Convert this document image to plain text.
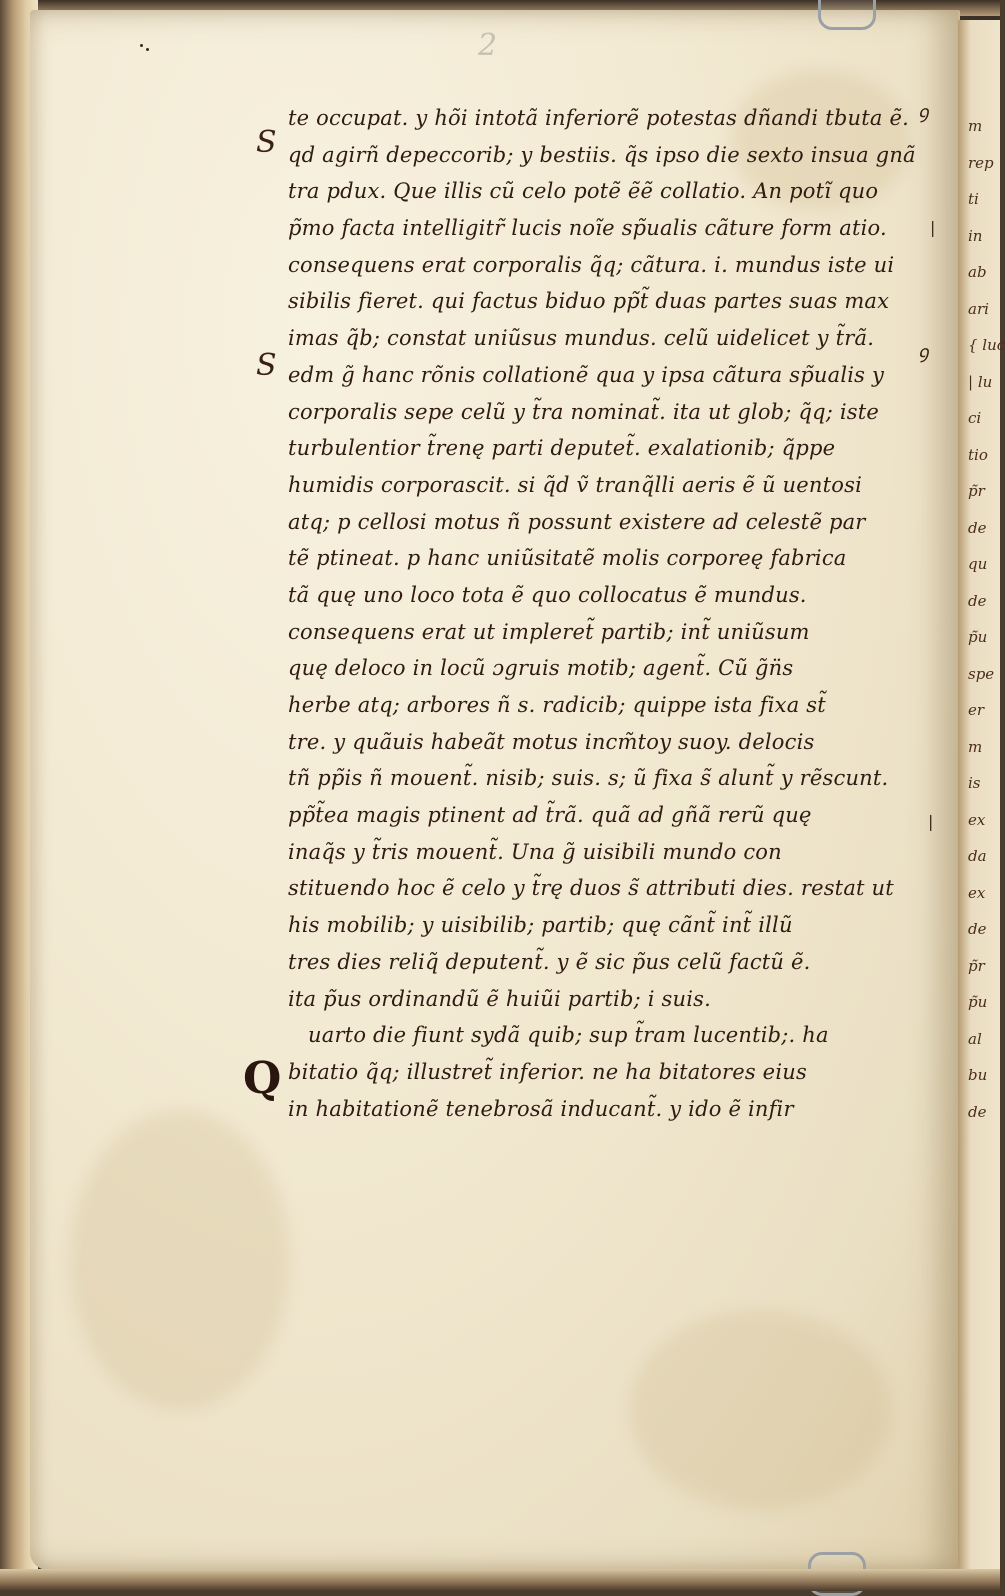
m
rep
ti
in
ab
ari
{ luc
| lu
ci
tio
p̃r
de
qu
de
p̃u
spe
er
m
is
ex
da
ex
de
p̃r
p̃u
al
bu
de
2
S
S
ꝯ
ꝯ
|
|
Q
te occupat. y hõi intotã inferiorẽ potestas dñandi tbuta ẽ.
qd agirñ depeccorib; y bestiis. q̃s ipso die sexto insua gnã
tra pdux. Que illis cũ celo potẽ ẽẽ collatio. An potĩ quo
p̃mo facta intelligitr̃ lucis noĩe sp̃ualis cãture form atio.
consequens erat corporalis q̃q; cãtura. i. mundus iste ui
sibilis fieret. qui factus biduo pp̃t̃ duas partes suas max
imas q̃b; constat uniũsus mundus. celũ uidelicet y t̃rã.
edm g̃ hanc rõnis collationẽ qua y ipsa cãtura sp̃ualis y
corporalis sepe celũ y t̃ra nominat̃. ita ut glob; q̃q; iste
turbulentior t̃renę parti deputet̃. exalationib; q̃ppe
humidis corporascit. si q̃d ṽ tranq̃lli aeris ẽ ũ uentosi
atq; p cellosi motus ñ possunt existere ad celestẽ par
tẽ ptineat. p hanc uniũsitatẽ molis corporeę fabrica
tã quę uno loco tota ẽ quo collocatus ẽ mundus.
consequens erat ut impleret̃ partib; int̃ uniũsum
quę deloco in locũ ɔgruis motib; agent̃. Cũ g̃n̈s
herbe atq; arbores ñ s. radicib; quippe ista fixa st̃
tre. y quãuis habeãt motus incm̃toy suoy. delocis
tñ pp̃is ñ mouent̃. nisib; suis. s; ũ fixa s̃ alunt̃ y rẽscunt.
pp̃t̃ea magis ptinent ad t̃rã. quã ad gñã rerũ quę
inaq̃s y t̃ris mouent̃. Una g̃ uisibili mundo con
stituendo hoc ẽ celo y t̃rę duos s̃ attributi dies. restat ut
his mobilib; y uisibilib; partib; quę cãnt̃ int̃ illũ
tres dies reliq̃ deputent̃. y ẽ sic p̃us celũ factũ ẽ.
ita p̃us ordinandũ ẽ huiũi partib; i suis.
uarto die fiunt sydã quib; sup t̃ram lucentib;. ha
bitatio q̃q; illustret̃ inferior. ne ha bitatores eius
in habitationẽ tenebrosã inducant̃. y ido ẽ infir
